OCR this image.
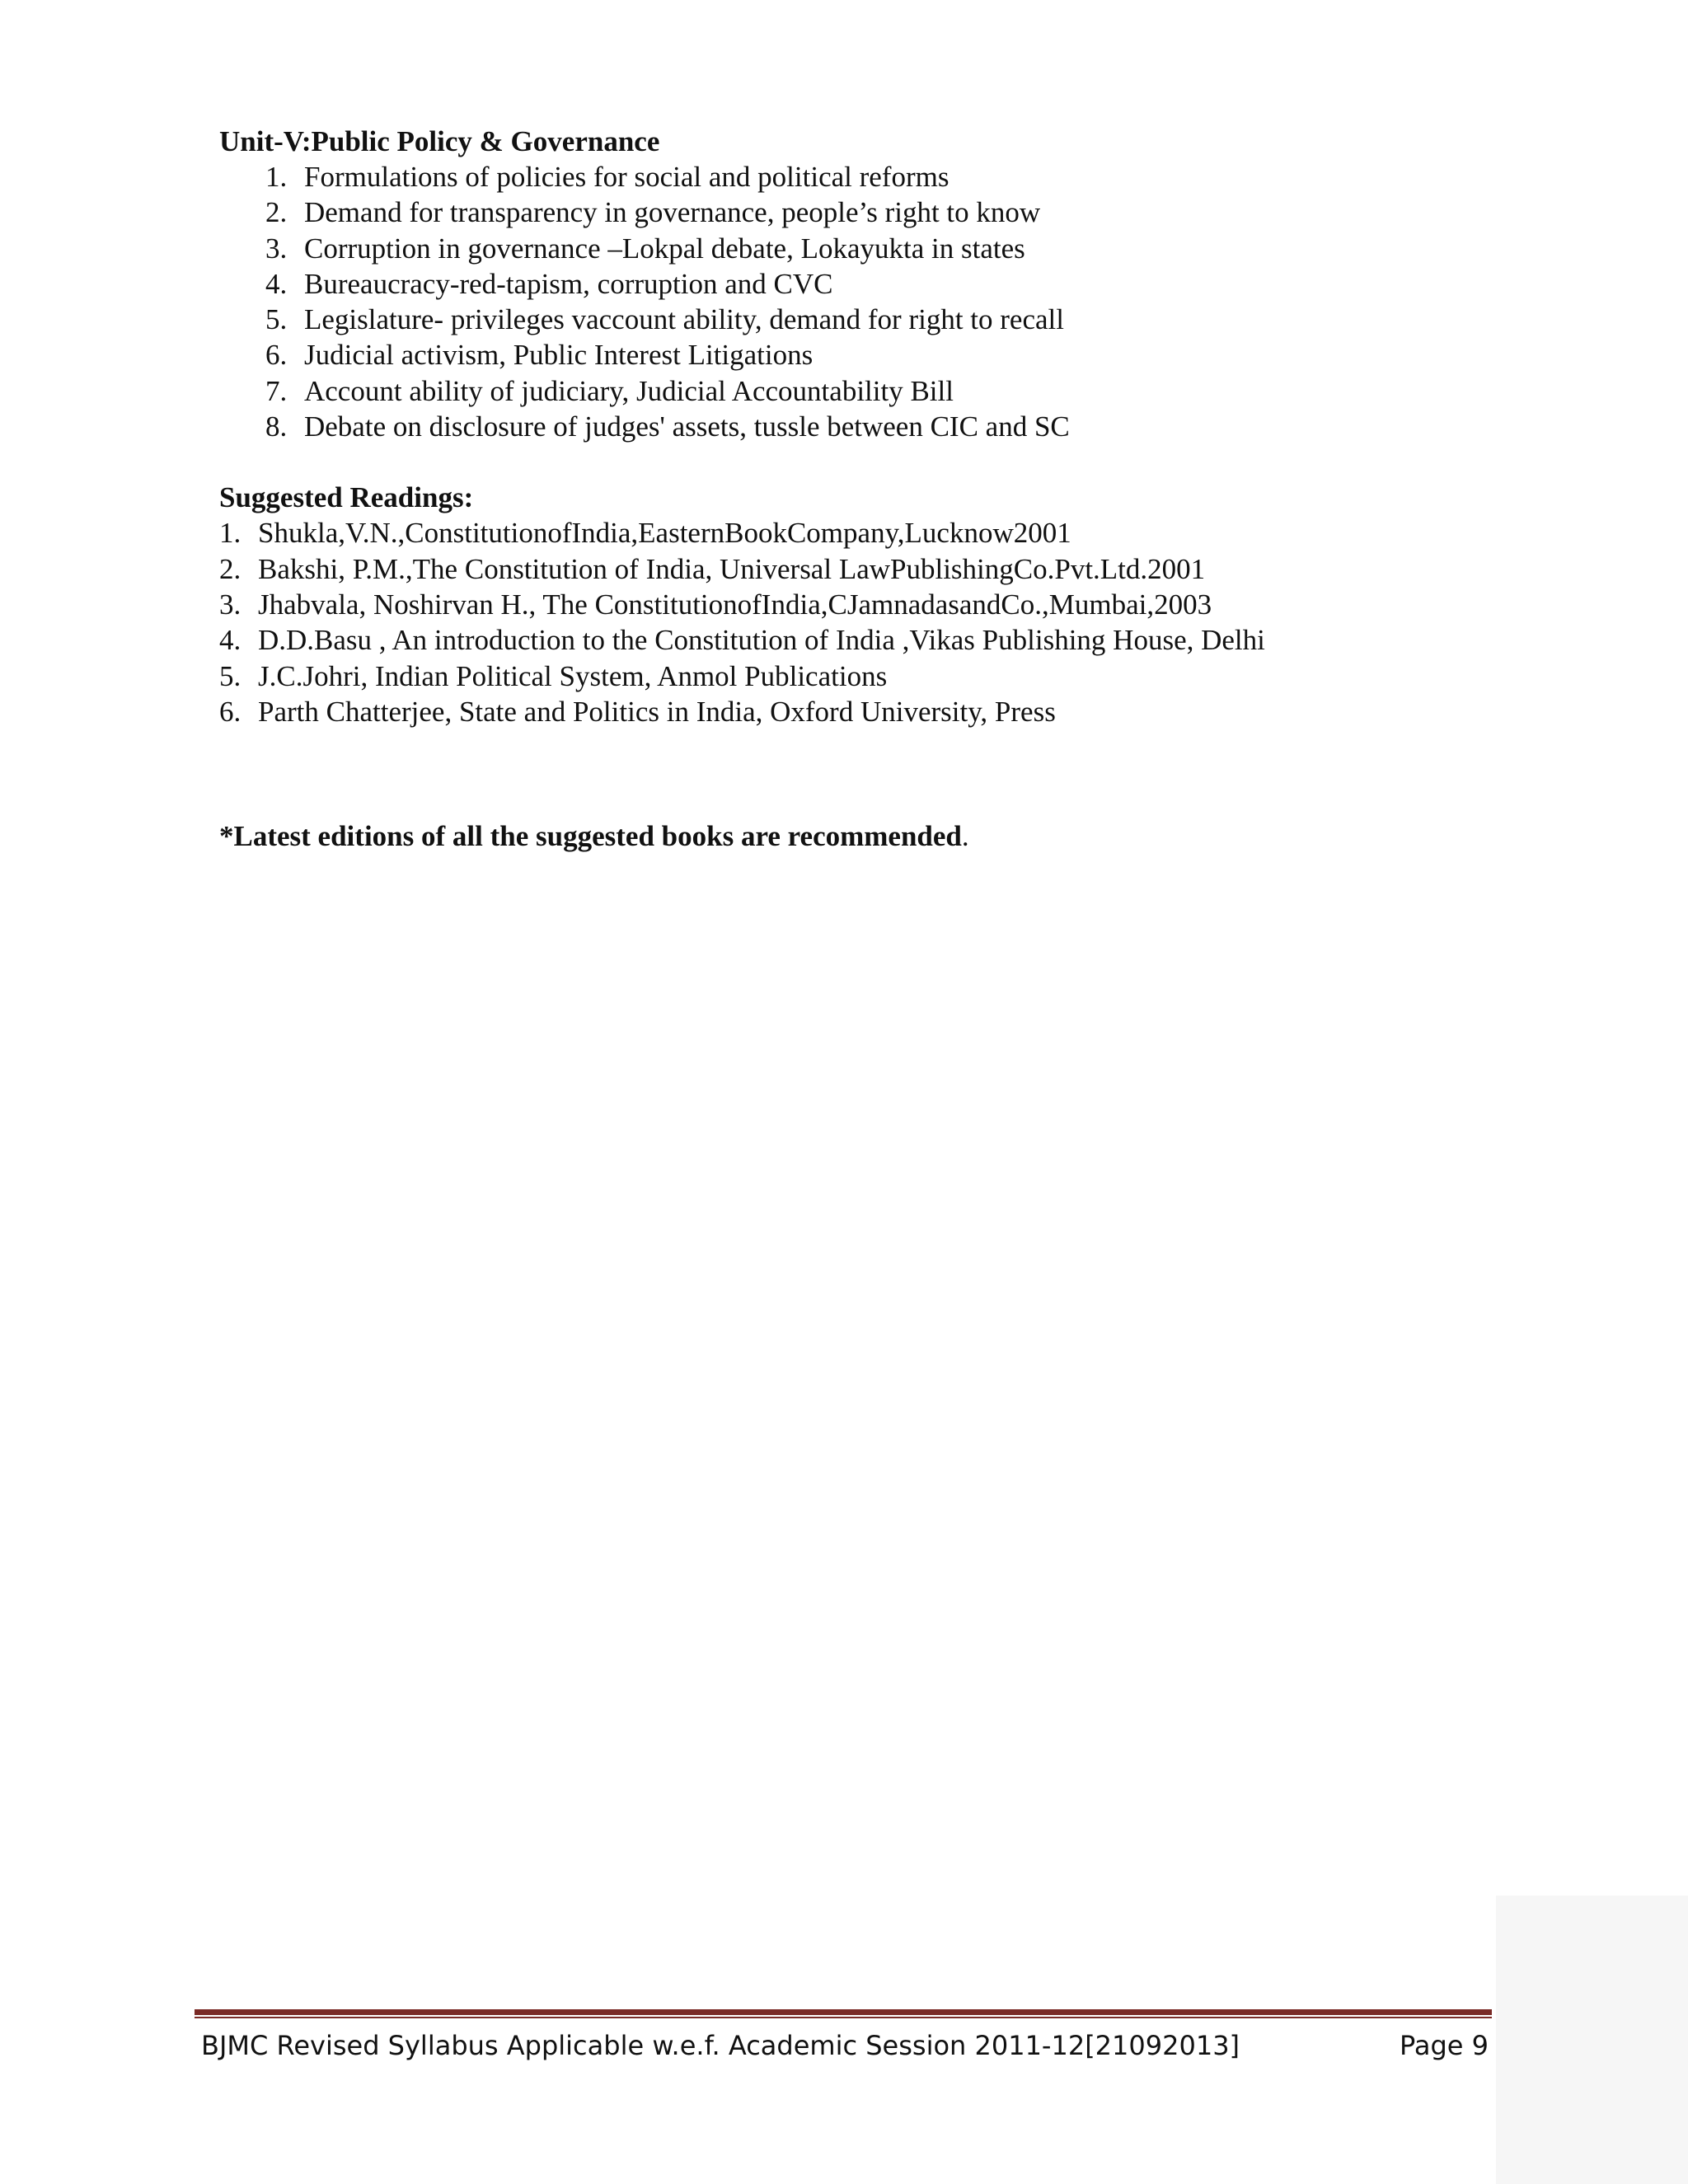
Unit-V:Public Policy & Governance

1. Formulations of policies for social and political reforms
2. Demand for transparency in governance, people’s right to know
3. Corruption in governance –Lokpal debate, Lokayukta in states
4. Bureaucracy-red-tapism, corruption and CVC
5. Legislature- privileges vaccount ability, demand for right to recall
6. Judicial activism, Public Interest Litigations
7. Account ability of judiciary, Judicial Accountability Bill
8. Debate on disclosure of judges' assets, tussle between CIC and SC

Suggested Readings:

1. Shukla,V.N.,ConstitutionofIndia,EasternBookCompany,Lucknow2001
2. Bakshi, P.M.,The Constitution of India, Universal LawPublishingCo.Pvt.Ltd.2001
3. Jhabvala, Noshirvan H., The ConstitutionofIndia,CJamnadasandCo.,Mumbai,2003
4. D.D.Basu , An introduction to the Constitution of India ,Vikas Publishing House, Delhi
5. J.C.Johri, Indian Political System, Anmol Publications
6. Parth Chatterjee, State and Politics in India, Oxford University, Press

*Latest editions of all the suggested books are recommended.

BJMC Revised Syllabus Applicable w.e.f. Academic Session 2011-12[21092013]	Page 9
